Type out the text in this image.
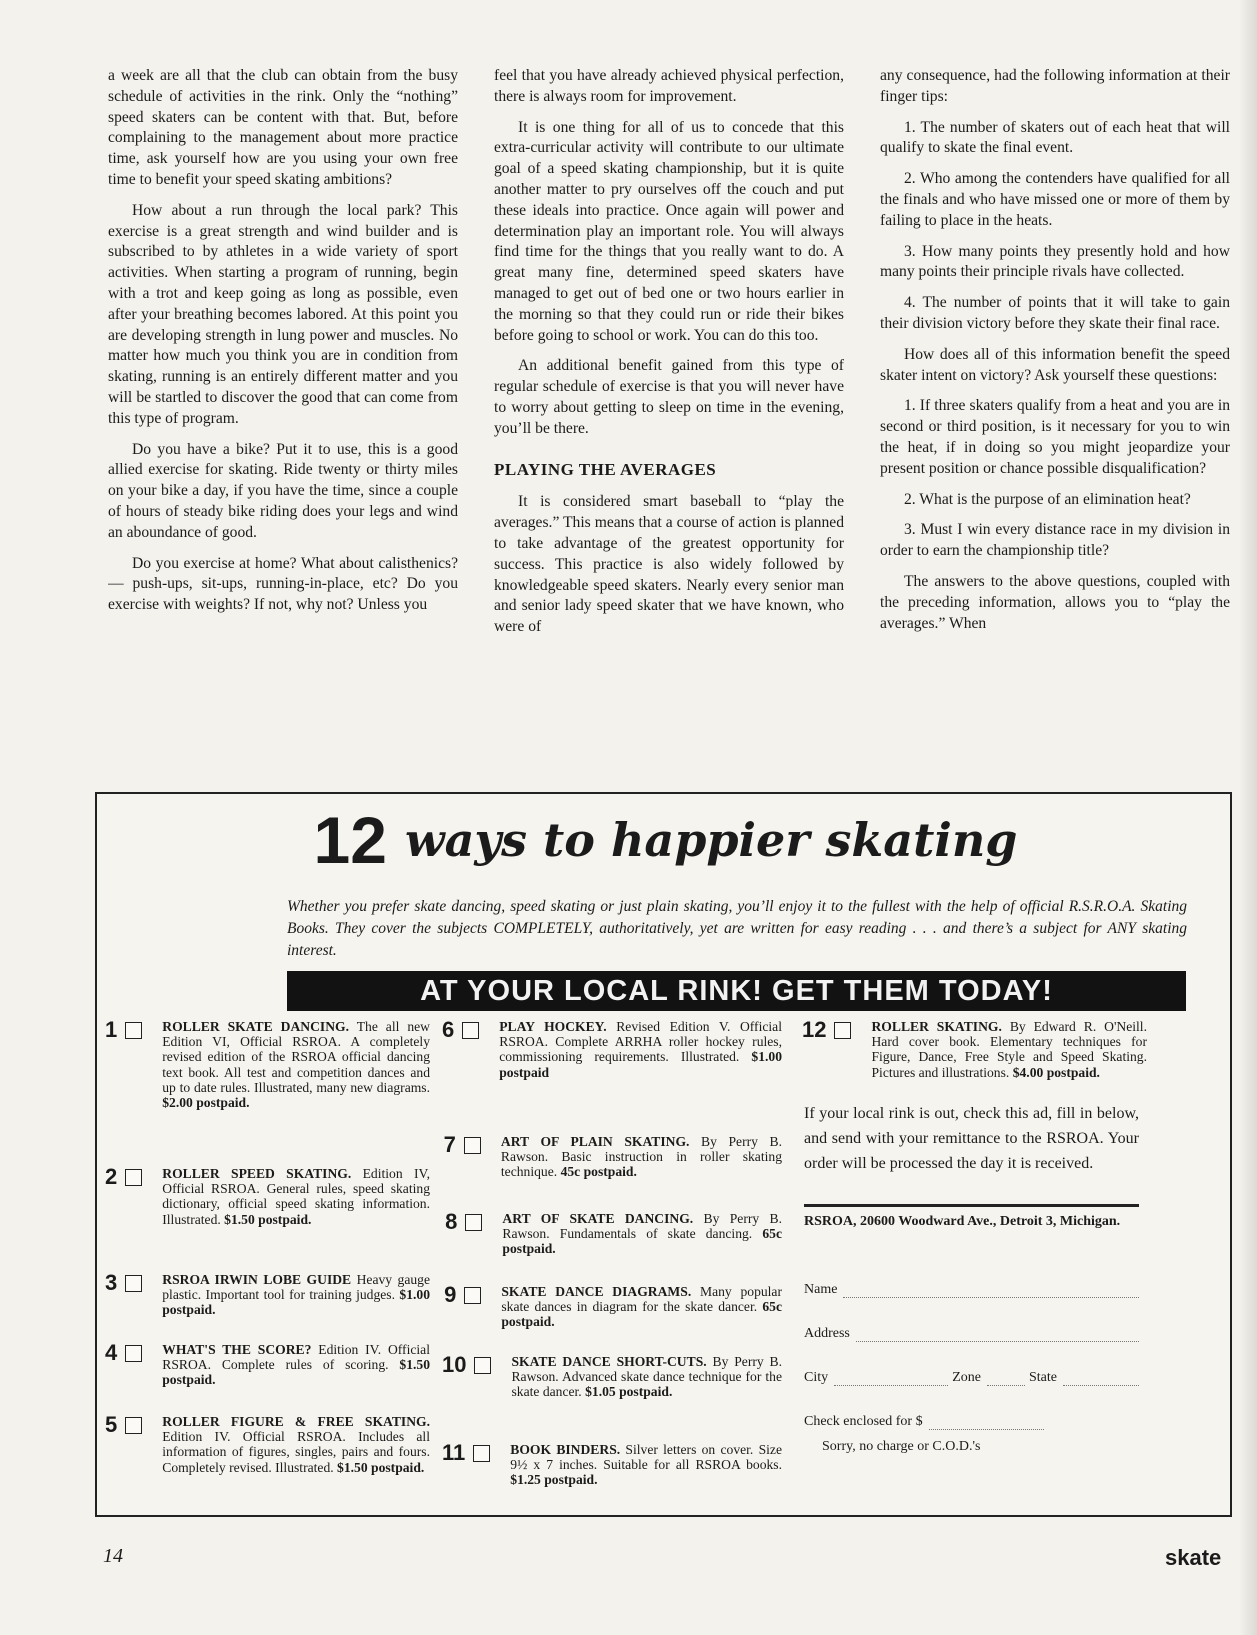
a week are all that the club can obtain from the busy schedule of activities in the rink. Only the “nothing” speed skaters can be content with that. But, before complaining to the management about more practice time, ask yourself how are you using your own free time to benefit your speed skating ambitions?

How about a run through the local park? This exercise is a great strength and wind builder and is subscribed to by athletes in a wide variety of sport activities. When starting a program of running, begin with a trot and keep going as long as possible, even after your breathing becomes labored. At this point you are developing strength in lung power and muscles. No matter how much you think you are in condition from skating, running is an entirely different matter and you will be startled to discover the good that can come from this type of program.

Do you have a bike? Put it to use, this is a good allied exercise for skating. Ride twenty or thirty miles on your bike a day, if you have the time, since a couple of hours of steady bike riding does your legs and wind an aboundance of good.

Do you exercise at home? What about calisthenics? — push-ups, sit-ups, running-in-place, etc? Do you exercise with weights? If not, why not? Unless you

feel that you have already achieved physical perfection, there is always room for improvement.

It is one thing for all of us to concede that this extra-curricular activity will contribute to our ultimate goal of a speed skating championship, but it is quite another matter to pry ourselves off the couch and put these ideals into practice. Once again will power and determination play an important role. You will always find time for the things that you really want to do. A great many fine, determined speed skaters have managed to get out of bed one or two hours earlier in the morning so that they could run or ride their bikes before going to school or work. You can do this too.

An additional benefit gained from this type of regular schedule of exercise is that you will never have to worry about getting to sleep on time in the evening, you’ll be there.

PLAYING THE AVERAGES

It is considered smart baseball to “play the averages.” This means that a course of action is planned to take advantage of the greatest opportunity for success. This practice is also widely followed by knowledgeable speed skaters. Nearly every senior man and senior lady speed skater that we have known, who were of

any consequence, had the following information at their finger tips:

1. The number of skaters out of each heat that will qualify to skate the final event.

2. Who among the contenders have qualified for all the finals and who have missed one or more of them by failing to place in the heats.

3. How many points they presently hold and how many points their principle rivals have collected.

4. The number of points that it will take to gain their division victory before they skate their final race.

How does all of this information benefit the speed skater intent on victory? Ask yourself these questions:

1. If three skaters qualify from a heat and you are in second or third position, is it necessary for you to win the heat, if in doing so you might jeopardize your present position or chance possible disqualification?

2. What is the purpose of an elimination heat?

3. Must I win every distance race in my division in order to earn the championship title?

The answers to the above questions, coupled with the preceding information, allows you to “play the averages.” When

12 ways to happier skating
Whether you prefer skate dancing, speed skating or just plain skating, you’ll enjoy it to the fullest with the help of official R.S.R.O.A. Skating Books. They cover the subjects COMPLETELY, authoritatively, yet are written for easy reading . . . and there’s a subject for ANY skating interest.
AT YOUR LOCAL RINK! GET THEM TODAY!
1	ROLLER SKATE DANCING. The all new Edition VI, Official RSROA. A completely revised edition of the RSROA official dancing text book. All test and competition dances and up to date rules. Illustrated, many new diagrams. $2.00 postpaid.
2	ROLLER SPEED SKATING. Edition IV, Official RSROA. General rules, speed skating dictionary, official speed skating information. Illustrated. $1.50 postpaid.
3	RSROA IRWIN LOBE GUIDE Heavy gauge plastic. Important tool for training judges. $1.00 postpaid.
4	WHAT'S THE SCORE? Edition IV. Official RSROA. Complete rules of scoring. $1.50 postpaid.
5	ROLLER FIGURE & FREE SKATING. Edition IV. Official RSROA. Includes all information of figures, singles, pairs and fours. Completely revised. Illustrated. $1.50 postpaid.
6	PLAY HOCKEY. Revised Edition V. Official RSROA. Complete ARRHA roller hockey rules, commissioning requirements. Illustrated. $1.00 postpaid
7	ART OF PLAIN SKATING. By Perry B. Rawson. Basic instruction in roller skating technique. 45c postpaid.
8	ART OF SKATE DANCING. By Perry B. Rawson. Fundamentals of skate dancing. 65c postpaid.
9	SKATE DANCE DIAGRAMS. Many popular skate dances in diagram for the skate dancer. 65c postpaid.
10	SKATE DANCE SHORT-CUTS. By Perry B. Rawson. Advanced skate dance technique for the skate dancer. $1.05 postpaid.
11	BOOK BINDERS. Silver letters on cover. Size 9½ x 7 inches. Suitable for all RSROA books. $1.25 postpaid.
12	ROLLER SKATING. By Edward R. O'Neill. Hard cover book. Elementary techniques for Figure, Dance, Free Style and Speed Skating. Pictures and illustrations. $4.00 postpaid.
If your local rink is out, check this ad, fill in below, and send with your remittance to the RSROA. Your order will be processed the day it is received.
RSROA, 20600 Woodward Ave., Detroit 3, Michigan.
Name
Address
City	Zone	State
Check enclosed for $
Sorry, no charge or C.O.D.'s
14	skate
